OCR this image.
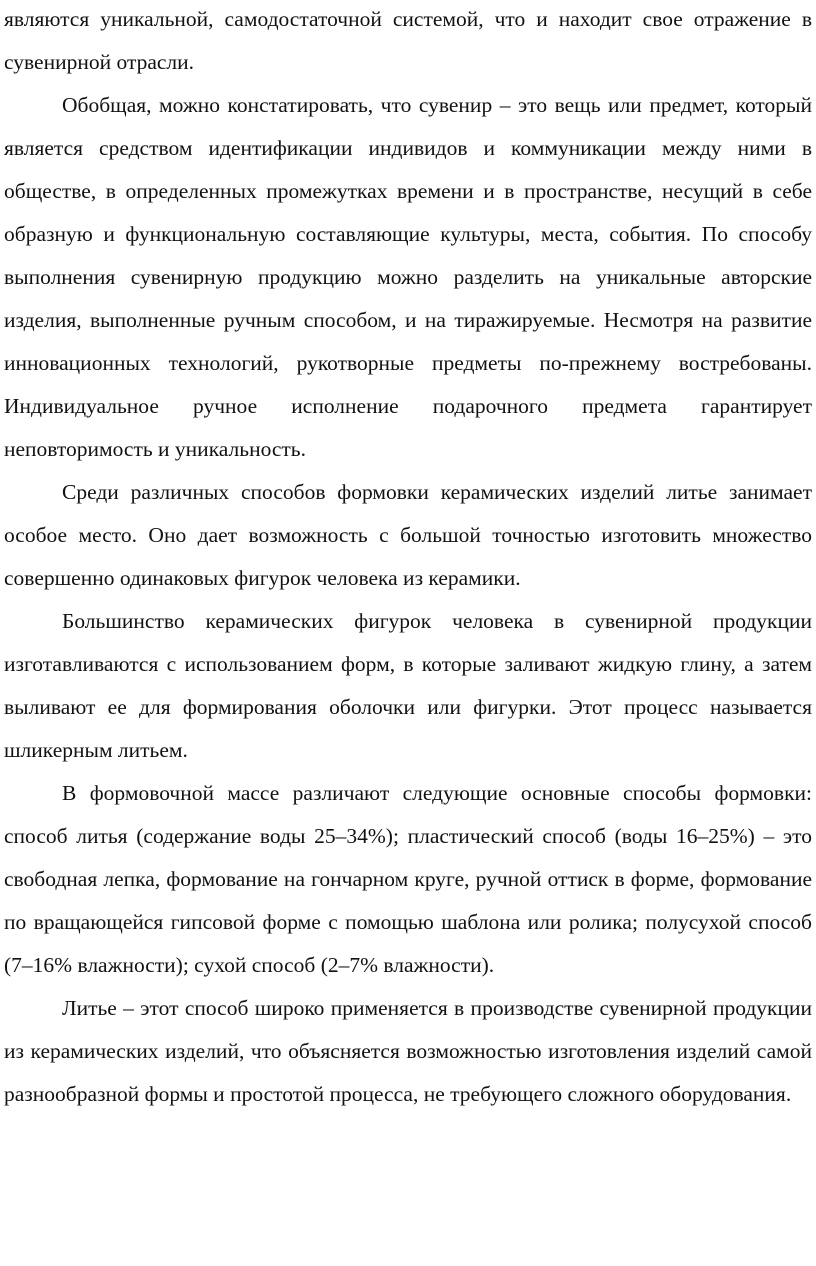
являются уникальной, самодостаточной системой, что и находит свое отражение в сувенирной отрасли.

Обобщая, можно констатировать, что сувенир – это вещь или предмет, который является средством идентификации индивидов и коммуникации между ними в обществе, в определенных промежутках времени и в пространстве, несущий в себе образную и функциональную составляющие культуры, места, события. По способу выполнения сувенирную продукцию можно разделить на уникальные авторские изделия, выполненные ручным способом, и на тиражируемые. Несмотря на развитие инновационных технологий, рукотворные предметы по-прежнему востребованы. Индивидуальное ручное исполнение подарочного предмета гарантирует неповторимость и уникальность.

Среди различных способов формовки керамических изделий литье занимает особое место. Оно дает возможность с большой точностью изготовить множество совершенно одинаковых фигурок человека из керамики.

Большинство керамических фигурок человека в сувенирной продукции изготавливаются с использованием форм, в которые заливают жидкую глину, а затем выливают ее для формирования оболочки или фигурки. Этот процесс называется шликерным литьем.

В формовочной массе различают следующие основные способы формовки: способ литья (содержание воды 25–34%); пластический способ (воды 16–25%) – это свободная лепка, формование на гончарном круге, ручной оттиск в форме, формование по вращающейся гипсовой форме с помощью шаблона или ролика; полусухой способ (7–16% влажности); сухой способ (2–7% влажности).

Литье – этот способ широко применяется в производстве сувенирной продукции из керамических изделий, что объясняется возможностью изготовления изделий самой разнообразной формы и простотой процесса, не требующего сложного оборудования.
